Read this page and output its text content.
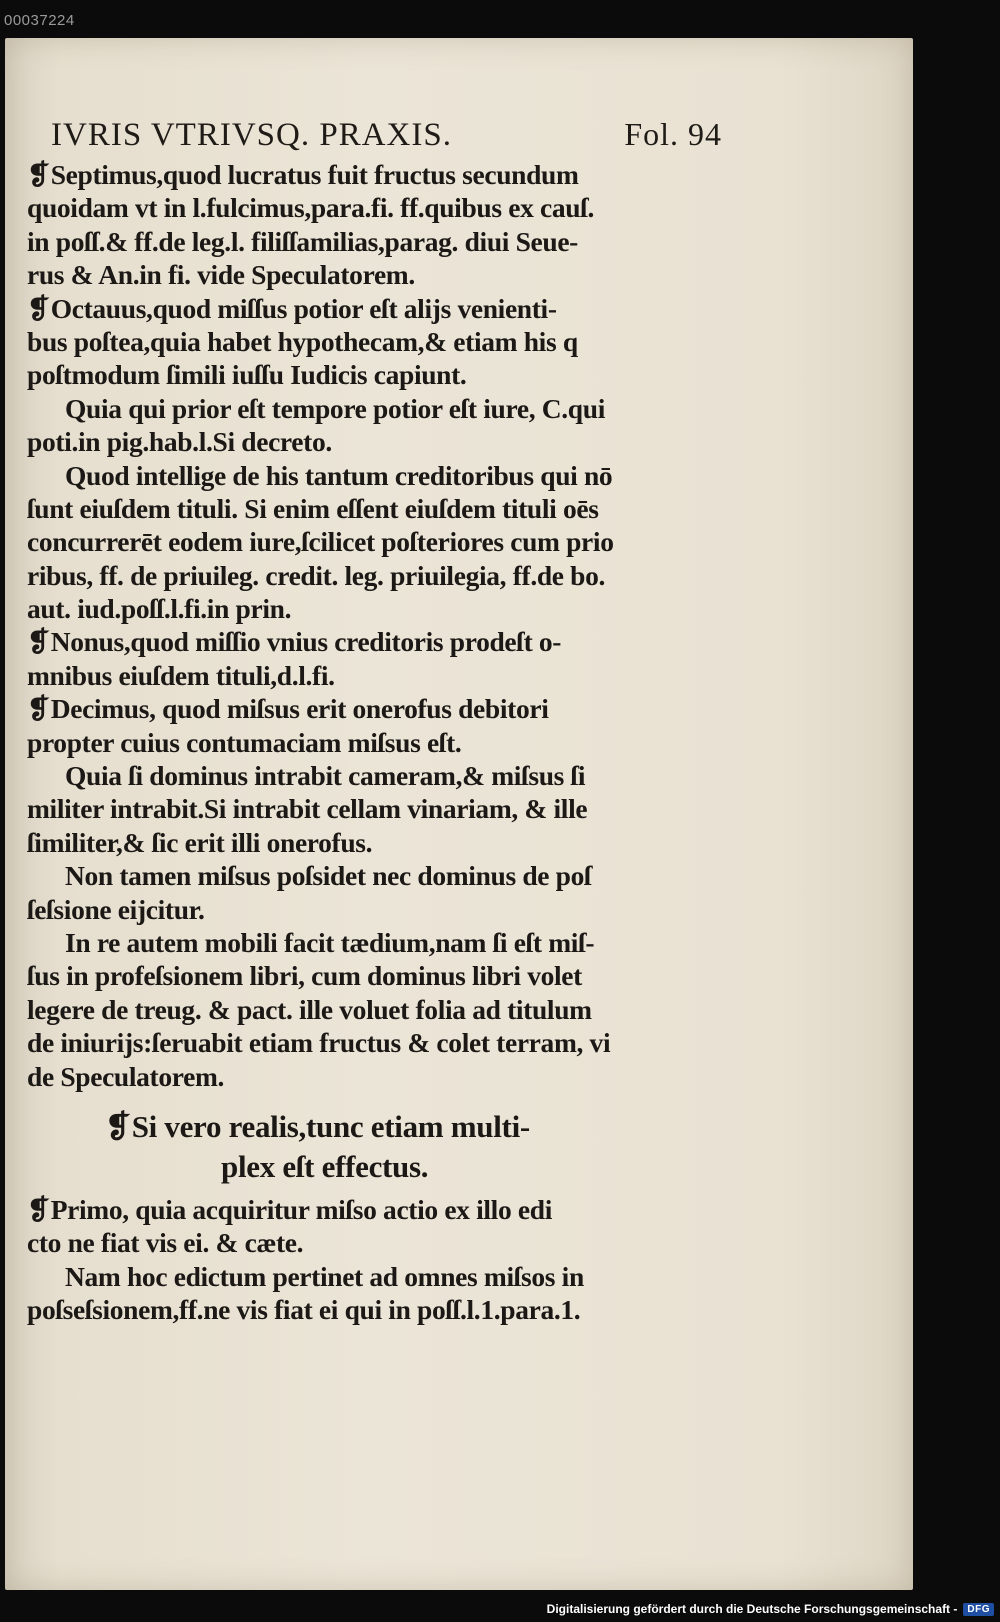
00037224
IVRIS VTRIVSQ. PRAXIS.	Fol. 94
❡Septimus,quod lucratus fuit fructus secundum
quoidam vt in l.fulcimus,para.fi. ff.quibus ex cauſ.
in poſſ.& ff.de leg.l. filiſſamilias,parag. diui Seue-
rus & An.in fi. vide Speculatorem.
❡Octauus,quod miſſus potior eſt alijs venienti-
bus poſtea,quia habet hypothecam,& etiam his q
poſtmodum ſimili iuſſu Iudicis capiunt.
Quia qui prior eſt tempore potior eſt iure, C.qui
poti.in pig.hab.l.Si decreto.
Quod intellige de his tantum creditoribus qui nō
ſunt eiuſdem tituli. Si enim eſſent eiuſdem tituli oēs
concurrerēt eodem iure,ſcilicet poſteriores cum prio
ribus, ff. de priuileg. credit. leg. priuilegia, ff.de bo.
aut. iud.poſſ.l.fi.in prin.
❡Nonus,quod miſſio vnius creditoris prodeſt o-
mnibus eiuſdem tituli,d.l.fi.
❡Decimus, quod miſsus erit onerofus debitori
propter cuius contumaciam miſsus eſt.
Quia ſi dominus intrabit cameram,& miſsus ſi
militer intrabit.Si intrabit cellam vinariam, & ille
ſimiliter,& ſic erit illi onerofus.
Non tamen miſsus poſsidet nec dominus de poſ
ſeſsione eijcitur.
In re autem mobili facit tædium,nam ſi eſt miſ-
ſus in profeſsionem libri, cum dominus libri volet
legere de treug. & pact. ille voluet folia ad titulum
de iniurijs:ſeruabit etiam fructus & colet terram, vi
de Speculatorem.
❡Si vero realis,tunc etiam multi-
plex eſt effectus.
❡Primo, quia acquiritur miſso actio ex illo edi
cto ne fiat vis ei. & cæte.
Nam hoc edictum pertinet ad omnes miſsos in
poſseſsionem,ff.ne vis fiat ei qui in poſſ.l.1.para.1.
Digitalisierung gefördert durch die Deutsche Forschungsgemeinschaft -	DFG
